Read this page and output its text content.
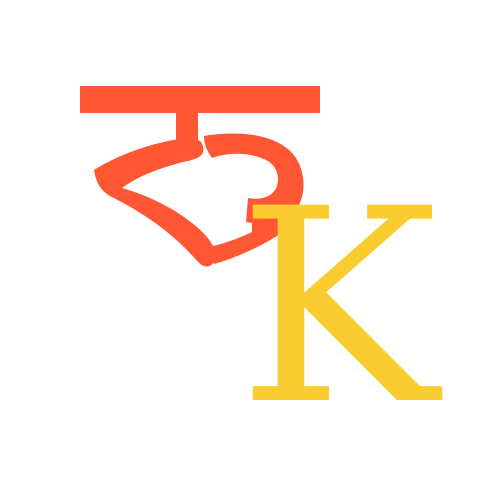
K
